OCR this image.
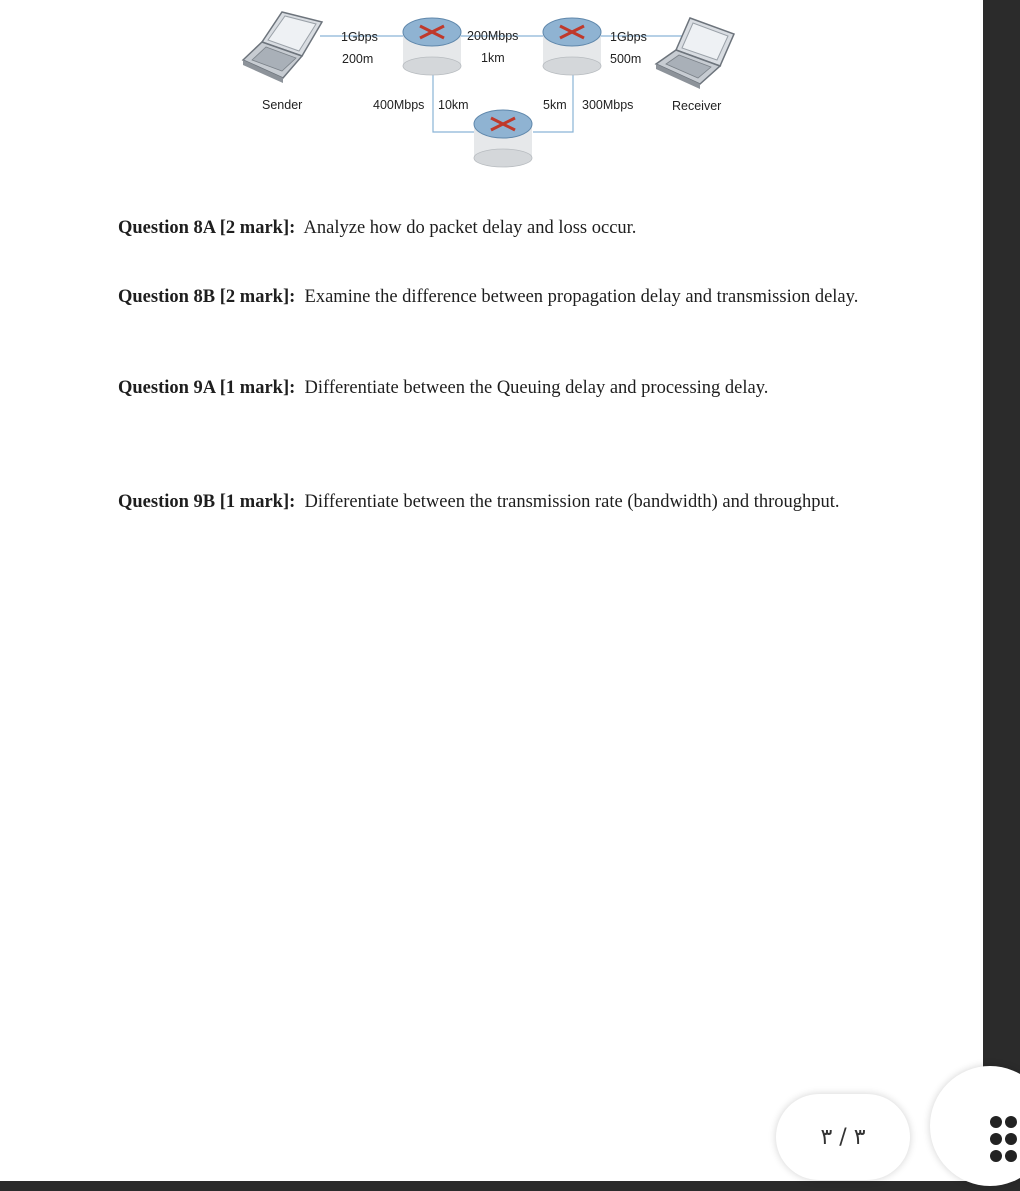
1Gbps
200m
200Mbps
1km
1Gbps
500m
Sender	400Mbps 10km	5km 300Mbps	Receiver
Question 8A [2 mark]: Analyze how do packet delay and loss occur.
Question 8B [2 mark]: Examine the difference between propagation delay and transmission delay.
Question 9A [1 mark]: Differentiate between the Queuing delay and processing delay.
Question 9B [1 mark]: Differentiate between the transmission rate (bandwidth) and throughput.
٣ / ٣
